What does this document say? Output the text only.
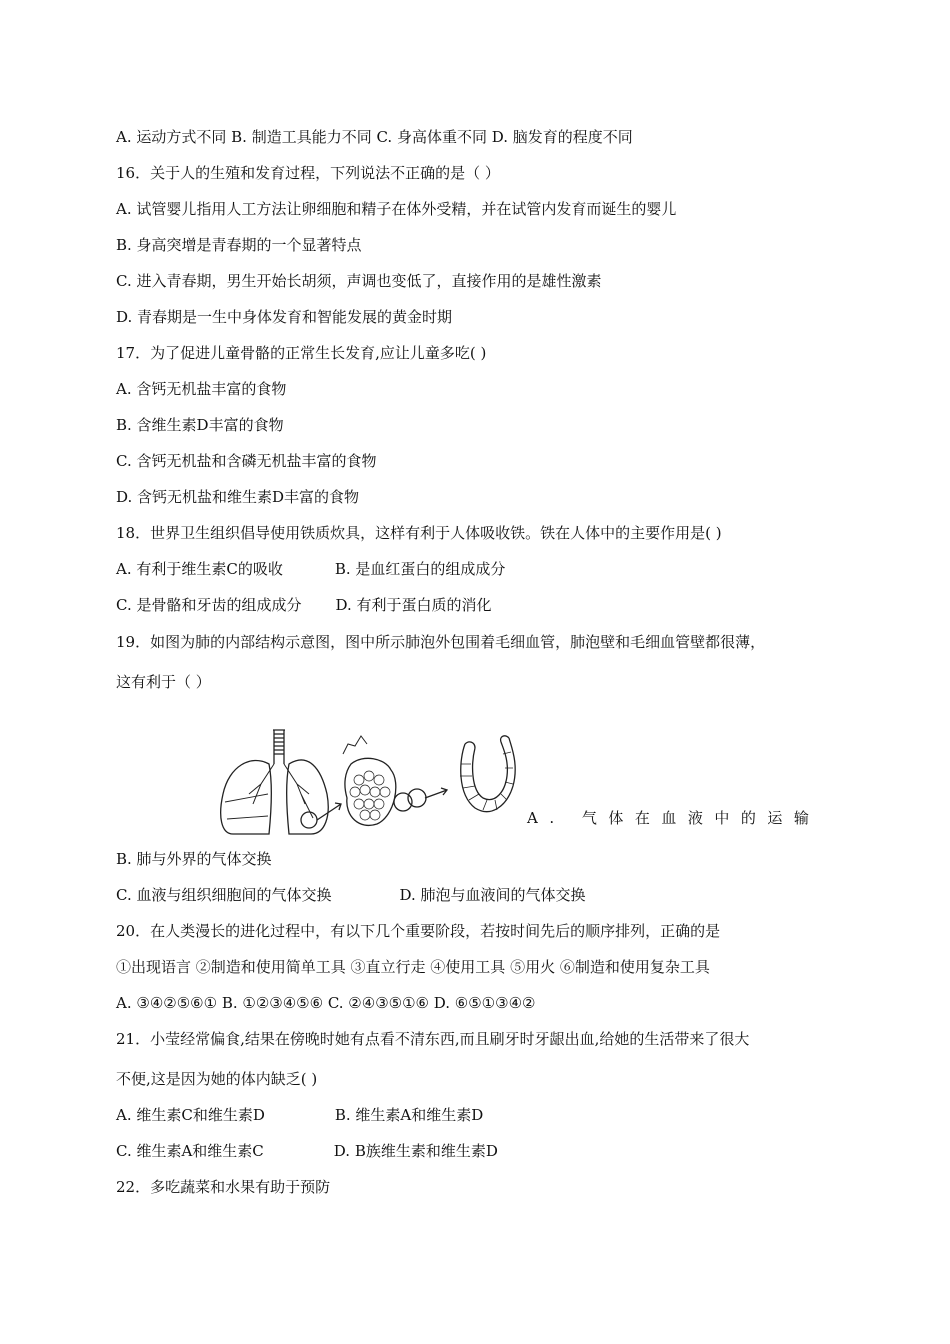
A. 运动方式不同 B. 制造工具能力不同 C. 身高体重不同 D. 脑发育的程度不同
16．关于人的生殖和发育过程，下列说法不正确的是（ ）
A. 试管婴儿指用人工方法让卵细胞和精子在体外受精，并在试管内发育而诞生的婴儿
B. 身高突增是青春期的一个显著特点
C. 进入青春期，男生开始长胡须，声调也变低了，直接作用的是雄性激素
D. 青春期是一生中身体发育和智能发展的黄金时期
17．为了促进儿童骨骼的正常生长发育,应让儿童多吃( )
A. 含钙无机盐丰富的食物
B. 含维生素D丰富的食物
C. 含钙无机盐和含磷无机盐丰富的食物
D. 含钙无机盐和维生素D丰富的食物
18．世界卫生组织倡导使用铁质炊具，这样有利于人体吸收铁。铁在人体中的主要作用是( )
A. 有利于维生素C的吸收	B. 是血红蛋白的组成成分
C. 是骨骼和牙齿的组成成分 D. 有利于蛋白质的消化
19．如图为肺的内部结构示意图，图中所示肺泡外包围着毛细血管，肺泡壁和毛细血管壁都很薄，
这有利于（ ）
A. 气体在血液中的运输
B. 肺与外界的气体交换
C. 血液与组织细胞间的气体交换	D. 肺泡与血液间的气体交换
20．在人类漫长的进化过程中，有以下几个重要阶段，若按时间先后的顺序排列，正确的是
①出现语言 ②制造和使用简单工具 ③直立行走 ④使用工具 ⑤用火 ⑥制造和使用复杂工具
A. ③④②⑤⑥① B. ①②③④⑤⑥ C. ②④③⑤①⑥ D. ⑥⑤①③④②
21．小莹经常偏食,结果在傍晚时她有点看不清东西,而且刷牙时牙龈出血,给她的生活带来了很大
不便,这是因为她的体内缺乏( )
A. 维生素C和维生素D	B. 维生素A和维生素D
C. 维生素A和维生素C	D. B族维生素和维生素D
22．多吃蔬菜和水果有助于预防
